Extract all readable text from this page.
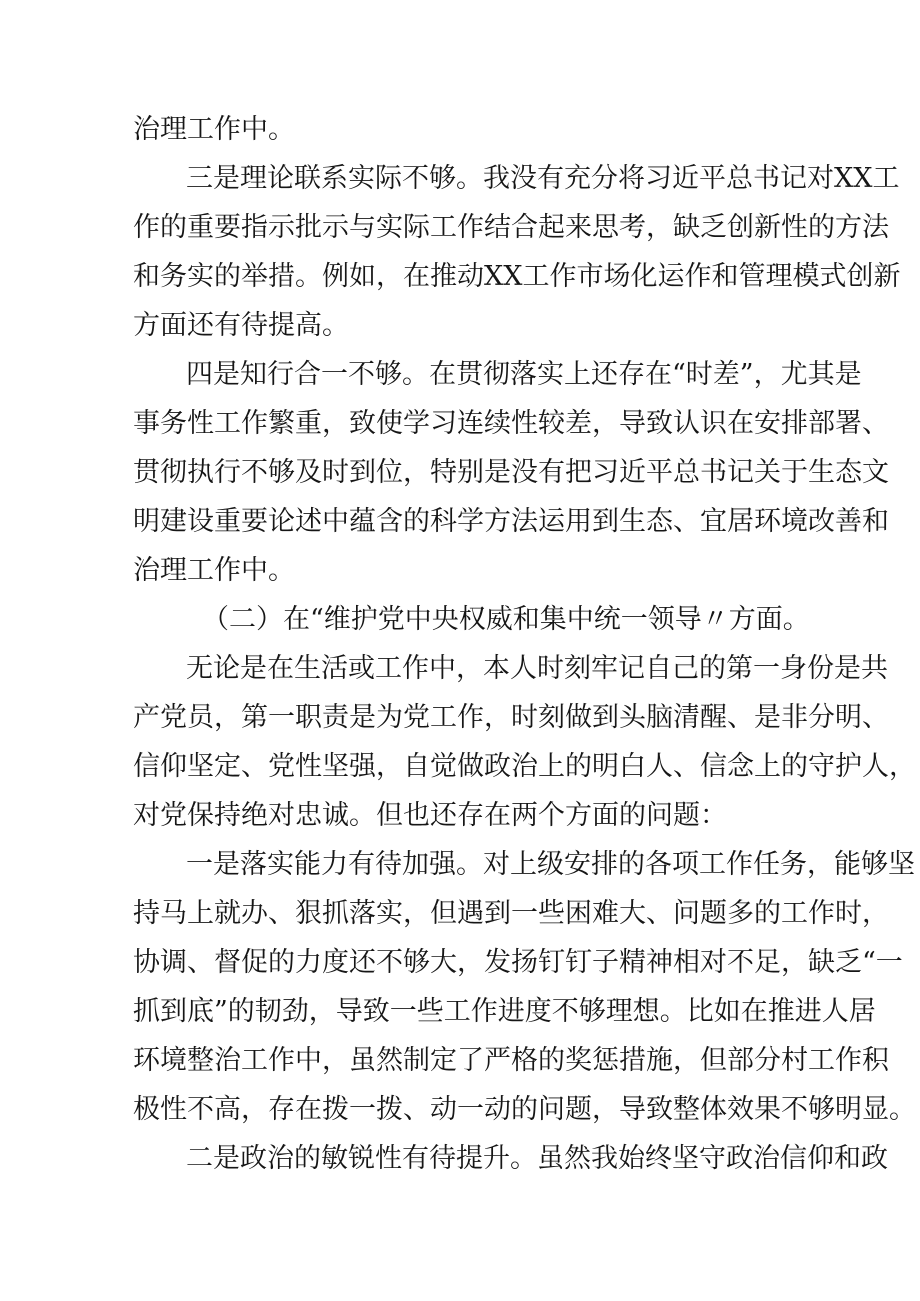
治理工作中。

三是理论联系实际不够。我没有充分将习近平总书记对XX工

作的重要指示批示与实际工作结合起来思考，缺乏创新性的方法

和务实的举措。例如，在推动XX工作市场化运作和管理模式创新

方面还有待提高。

四是知行合一不够。在贯彻落实上还存在“时差”，尤其是

事务性工作繁重，致使学习连续性较差，导致认识在安排部署、

贯彻执行不够及时到位，特别是没有把习近平总书记关于生态文

明建设重要论述中蕴含的科学方法运用到生态、宜居环境改善和

治理工作中。

（二）在“维护党中央权威和集中统一领导〃方面。

无论是在生活或工作中，本人时刻牢记自己的第一身份是共

产党员，第一职责是为党工作，时刻做到头脑清醒、是非分明、

信仰坚定、党性坚强，自觉做政治上的明白人、信念上的守护人，

对党保持绝对忠诚。但也还存在两个方面的问题：

一是落实能力有待加强。对上级安排的各项工作任务，能够坚

持马上就办、狠抓落实，但遇到一些困难大、问题多的工作时，

协调、督促的力度还不够大，发扬钉钉子精神相对不足，缺乏“一

抓到底”的韧劲，导致一些工作进度不够理想。比如在推进人居

环境整治工作中，虽然制定了严格的奖惩措施，但部分村工作积

极性不高，存在拨一拨、动一动的问题，导致整体效果不够明显。

二是政治的敏锐性有待提升。虽然我始终坚守政治信仰和政
